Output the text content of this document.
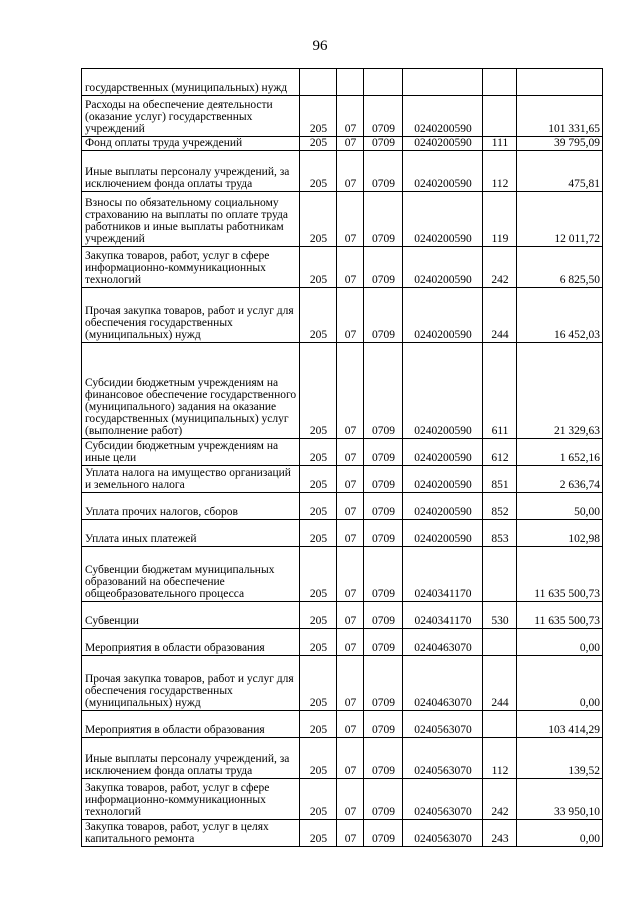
96
государственных (муниципальных) нужд						
Расходы на обеспечение деятельности (оказание услуг) государственных учреждений	205	07	0709	0240200590		101 331,65
Фонд оплаты труда учреждений	205	07	0709	0240200590	111	39 795,09
Иные выплаты персоналу учреждений, за исключением фонда оплаты труда	205	07	0709	0240200590	112	475,81
Взносы по обязательному социальному страхованию на выплаты по оплате труда работников и иные выплаты работникам учреждений	205	07	0709	0240200590	119	12 011,72
Закупка товаров, работ, услуг в сфере информационно-коммуникационных технологий	205	07	0709	0240200590	242	6 825,50
Прочая закупка товаров, работ и услуг для обеспечения государственных (муниципальных) нужд	205	07	0709	0240200590	244	16 452,03
Субсидии бюджетным учреждениям на финансовое обеспечение государственного (муниципального) задания на оказание государственных (муниципальных) услуг (выполнение работ)	205	07	0709	0240200590	611	21 329,63
Субсидии бюджетным учреждениям на иные цели	205	07	0709	0240200590	612	1 652,16
Уплата налога на имущество организаций и земельного налога	205	07	0709	0240200590	851	2 636,74
Уплата прочих налогов, сборов	205	07	0709	0240200590	852	50,00
Уплата иных платежей	205	07	0709	0240200590	853	102,98
Субвенции бюджетам муниципальных образований на обеспечение общеобразовательного процесса	205	07	0709	0240341170		11 635 500,73
Субвенции	205	07	0709	0240341170	530	11 635 500,73
Мероприятия в области образования	205	07	0709	0240463070		0,00
Прочая закупка товаров, работ и услуг для обеспечения государственных (муниципальных) нужд	205	07	0709	0240463070	244	0,00
Мероприятия в области образования	205	07	0709	0240563070		103 414,29
Иные выплаты персоналу учреждений, за исключением фонда оплаты труда	205	07	0709	0240563070	112	139,52
Закупка товаров, работ, услуг в сфере информационно-коммуникационных технологий	205	07	0709	0240563070	242	33 950,10
Закупка товаров, работ, услуг в целях капитального ремонта	205	07	0709	0240563070	243	0,00
